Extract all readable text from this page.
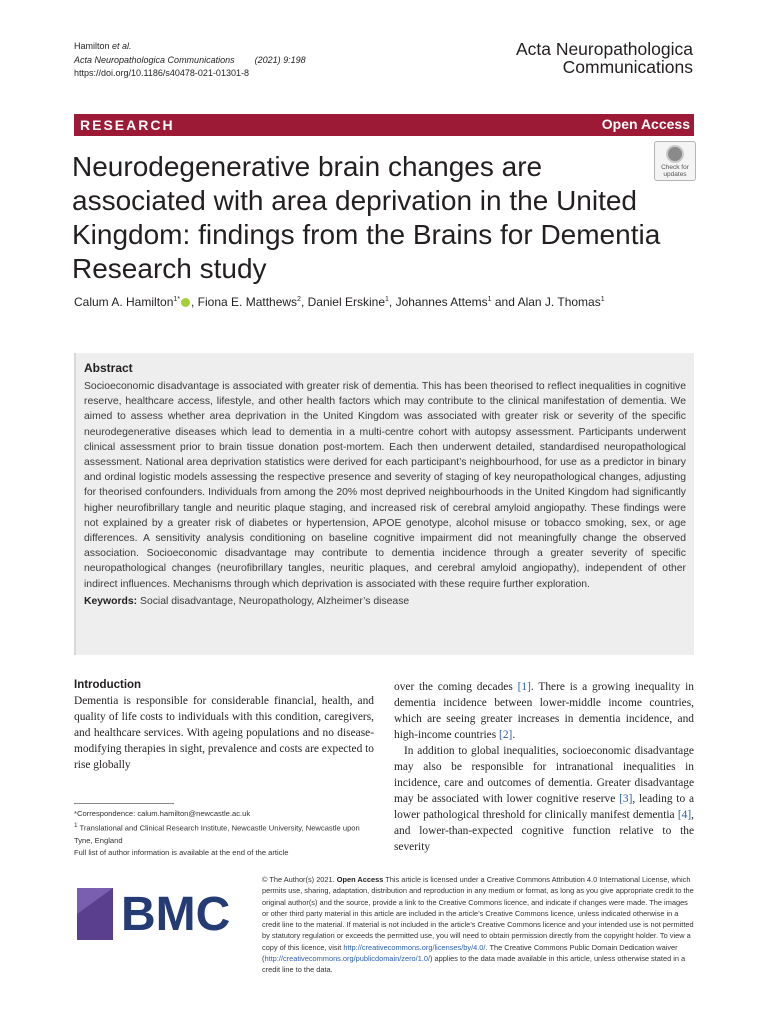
Hamilton et al.
Acta Neuropathologica Communications (2021) 9:198
https://doi.org/10.1186/s40478-021-01301-8
Acta Neuropathologica
Communications
RESEARCH	Open Access
Neurodegenerative brain changes are associated with area deprivation in the United Kingdom: findings from the Brains for Dementia Research study
Check for
updates
Calum A. Hamilton$^{1*}$ , Fiona E. Matthews$^2$, Daniel Erskine$^1$, Johannes Attems$^1$ and Alan J. Thomas$^1$
Abstract

Socioeconomic disadvantage is associated with greater risk of dementia. This has been theorised to reflect inequalities in cognitive reserve, healthcare access, lifestyle, and other health factors which may contribute to the clinical manifestation of dementia. We aimed to assess whether area deprivation in the United Kingdom was associated with greater risk or severity of the specific neurodegenerative diseases which lead to dementia in a multi-centre cohort with autopsy assessment. Participants underwent clinical assessment prior to brain tissue donation post-mortem. Each then underwent detailed, standardised neuropathological assessment. National area deprivation statistics were derived for each participant’s neighbourhood, for use as a predictor in binary and ordinal logistic models assessing the respective presence and severity of staging of key neuropathological changes, adjusting for theorised confounders. Individuals from among the 20% most deprived neighbourhoods in the United Kingdom had significantly higher neurofibrillary tangle and neuritic plaque staging, and increased risk of cerebral amyloid angiopathy. These findings were not explained by a greater risk of diabetes or hypertension, APOE genotype, alcohol misuse or tobacco smoking, sex, or age differences. A sensitivity analysis conditioning on baseline cognitive impairment did not meaningfully change the observed association. Socioeconomic disadvantage may contribute to dementia incidence through a greater severity of specific neuropathological changes (neurofibrillary tangles, neuritic plaques, and cerebral amyloid angiopathy), independent of other indirect influences. Mechanisms through which deprivation is associated with these require further exploration.

Keywords: Social disadvantage, Neuropathology, Alzheimer’s disease
Introduction

Dementia is responsible for considerable financial, health, and quality of life costs to individuals with this condition, caregivers, and healthcare services. With ageing populations and no disease-modifying therapies in sight, prevalence and costs are expected to rise globally

over the coming decades [1]. There is a growing inequality in dementia incidence between lower-middle income countries, which are seeing greater increases in dementia incidence, and high-income countries [2].

In addition to global inequalities, socioeconomic disadvantage may also be responsible for intranational inequalities in incidence, care and outcomes of dementia. Greater disadvantage may be associated with lower cognitive reserve [3], leading to a lower pathological threshold for clinically manifest dementia [4], and lower-than-expected cognitive function relative to the severity

*Correspondence: calum.hamilton@newcastle.ac.uk
$^1$ Translational and Clinical Research Institute, Newcastle University, Newcastle upon Tyne, England
Full list of author information is available at the end of the article
BMC
© The Author(s) 2021. Open Access This article is licensed under a Creative Commons Attribution 4.0 International License, which permits use, sharing, adaptation, distribution and reproduction in any medium or format, as long as you give appropriate credit to the original author(s) and the source, provide a link to the Creative Commons licence, and indicate if changes were made. The images or other third party material in this article are included in the article’s Creative Commons licence, unless indicated otherwise in a credit line to the material. If material is not included in the article’s Creative Commons licence and your intended use is not permitted by statutory regulation or exceeds the permitted use, you will need to obtain permission directly from the copyright holder. To view a copy of this licence, visit http://creativecommons.org/licenses/by/4.0/. The Creative Commons Public Domain Dedication waiver (http://creativecommons.org/publicdomain/zero/1.0/) applies to the data made available in this article, unless otherwise stated in a credit line to the data.
